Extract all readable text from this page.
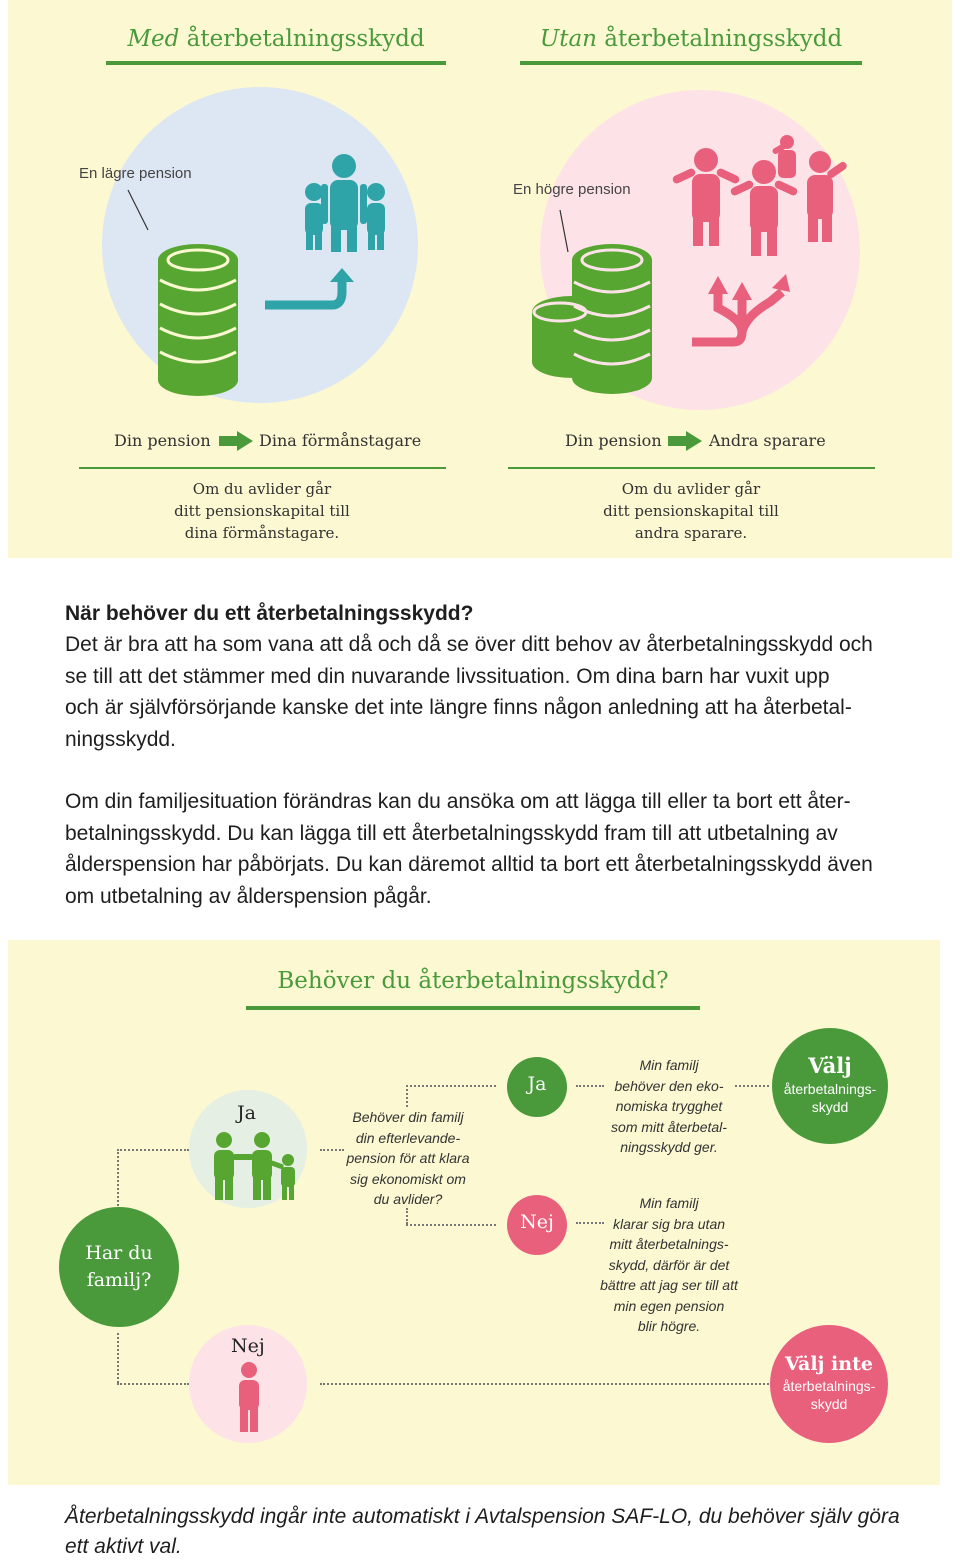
Med återbetalningsskydd	Utan återbetalningsskydd
En lägre pension
En högre pension
Din pension	Dina förmånstagare	Din pension	Andra sparare
Om du avlider går
ditt pensionskapital till
dina förmånstagare.
Om du avlider går
ditt pensionskapital till
andra sparare.
När behöver du ett återbetalningsskydd?
Det är bra att ha som vana att då och då se över ditt behov av återbetalningsskydd och
se till att det stämmer med din nuvarande livssituation. Om dina barn har vuxit upp
och är självförsörjande kanske det inte längre finns någon anledning att ha återbetal-
ningsskydd.
Om din familjesituation förändras kan du ansöka om att lägga till eller ta bort ett åter-
betalningsskydd. Du kan lägga till ett återbetalningsskydd fram till att utbetalning av
ålderspension har påbörjats. Du kan däremot alltid ta bort ett återbetalningsskydd även
om utbetalning av ålderspension pågår.
Behöver du återbetalningsskydd?
Har du
familj?
Ja
Nej
Behöver din familj
din efterlevande-
pension för att klara
sig ekonomiskt om
du avlider?
Ja
Nej
Min familj
behöver den eko-
nomiska trygghet
som mitt återbetal-
ningsskydd ger.
Min familj
klarar sig bra utan
mitt återbetalnings-
skydd, därför är det
bättre att jag ser till att
min egen pension
blir högre.
Välj
återbetalnings-
skydd
Välj inte
återbetalnings-
skydd
Återbetalningsskydd ingår inte automatiskt i Avtalspension SAF-LO, du behöver själv göra
ett aktivt val.
